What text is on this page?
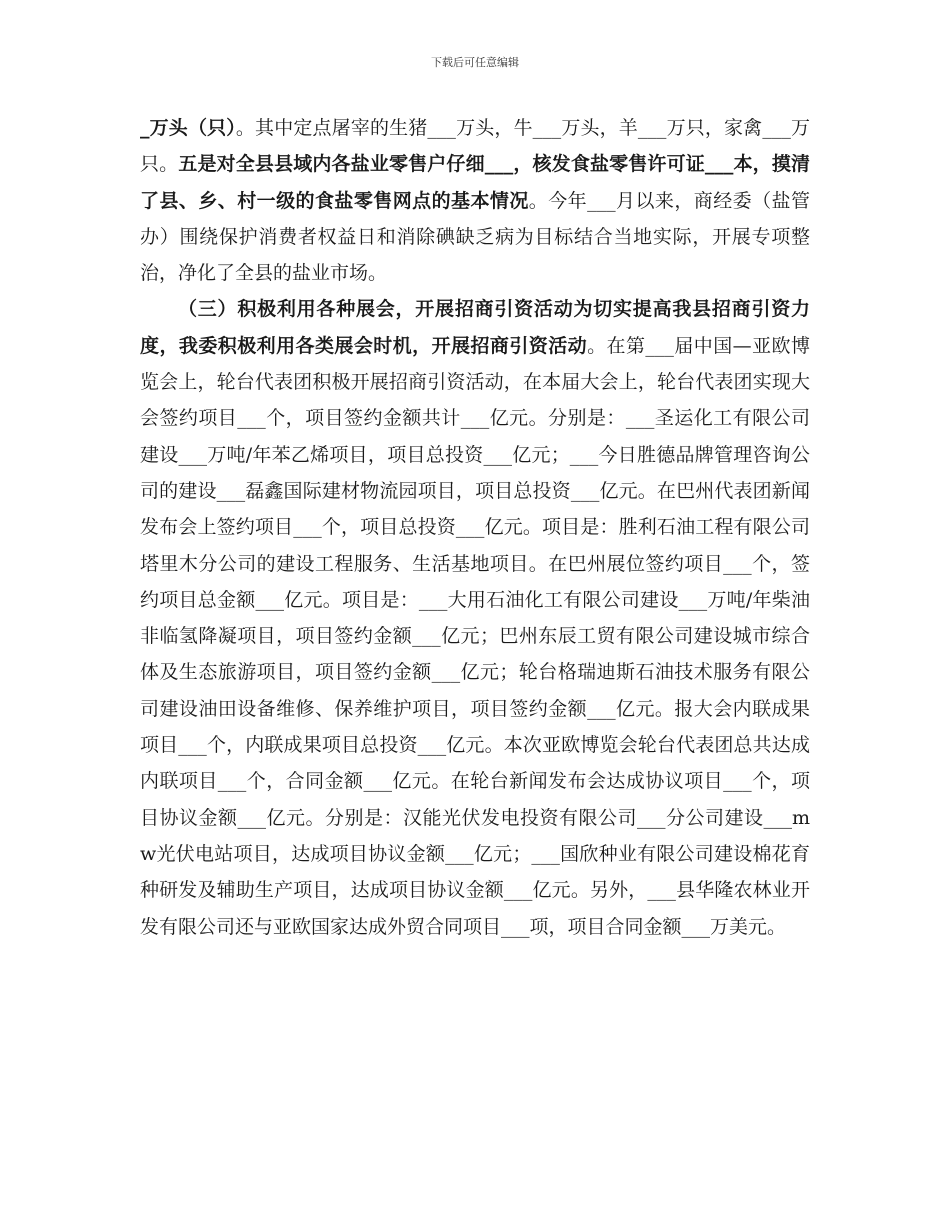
下载后可任意编辑

_万头（只）。其中定点屠宰的生猪___万头，牛___万头，羊___万只，家禽___万只。五是对全县县域内各盐业零售户仔细___，核发食盐零售许可证___本，摸清了县、乡、村一级的食盐零售网点的基本情况。今年___月以来，商经委（盐管办）围绕保护消费者权益日和消除碘缺乏病为目标结合当地实际，开展专项整治，净化了全县的盐业市场。

（三）积极利用各种展会，开展招商引资活动为切实提高我县招商引资力度，我委积极利用各类展会时机，开展招商引资活动。在第___届中国—亚欧博览会上，轮台代表团积极开展招商引资活动，在本届大会上，轮台代表团实现大会签约项目___个，项目签约金额共计___亿元。分别是：___圣运化工有限公司建设___万吨/年苯乙烯项目，项目总投资___亿元；___今日胜德品牌管理咨询公司的建设___磊鑫国际建材物流园项目，项目总投资___亿元。在巴州代表团新闻发布会上签约项目___个，项目总投资___亿元。项目是：胜利石油工程有限公司塔里木分公司的建设工程服务、生活基地项目。在巴州展位签约项目___个，签约项目总金额___亿元。项目是：___大用石油化工有限公司建设___万吨/年柴油非临氢降凝项目，项目签约金额___亿元；巴州东辰工贸有限公司建设城市综合体及生态旅游项目，项目签约金额___亿元；轮台格瑞迪斯石油技术服务有限公司建设油田设备维修、保养维护项目，项目签约金额___亿元。报大会内联成果项目___个，内联成果项目总投资___亿元。本次亚欧博览会轮台代表团总共达成内联项目___个，合同金额___亿元。在轮台新闻发布会达成协议项目___个，项目协议金额___亿元。分别是：汉能光伏发电投资有限公司___分公司建设___mw光伏电站项目，达成项目协议金额___亿元；___国欣种业有限公司建设棉花育种研发及辅助生产项目，达成项目协议金额___亿元。另外，___县华隆农林业开发有限公司还与亚欧国家达成外贸合同项目___项，项目合同金额___万美元。
